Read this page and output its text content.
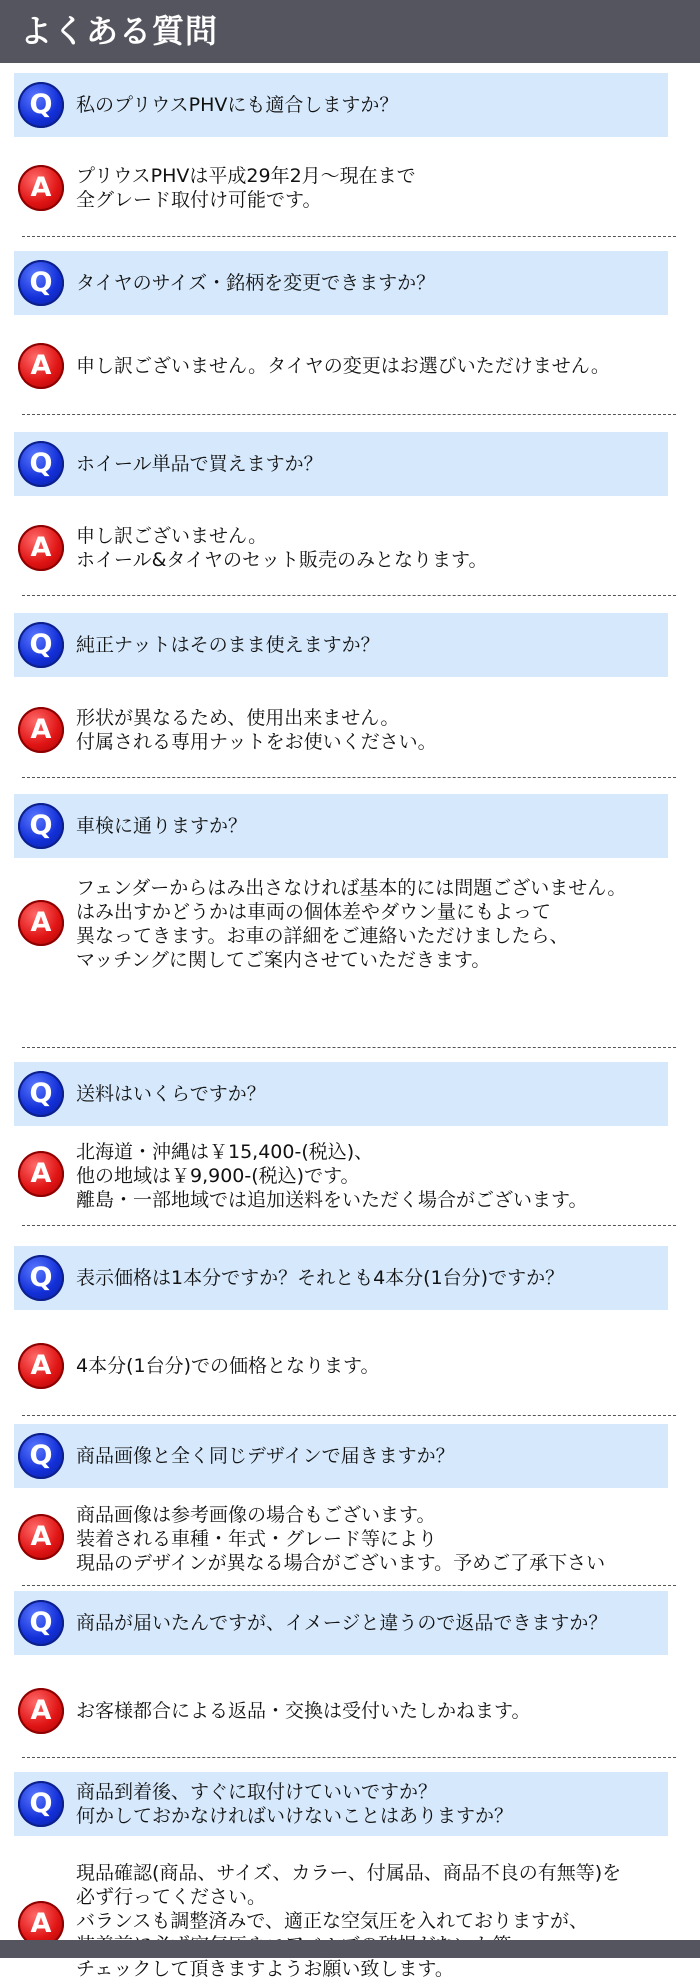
よくある質問
Q	私のプリウスPHVにも適合しますか？
A	プリウスPHVは平成29年2月～現在まで
全グレード取付け可能です。
Q	タイヤのサイズ・銘柄を変更できますか？
A	申し訳ございません。タイヤの変更はお選びいただけません。
Q	ホイール単品で買えますか？
A	申し訳ございません。
ホイール&タイヤのセット販売のみとなります。
Q	純正ナットはそのまま使えますか？
A	形状が異なるため、使用出来ません。
付属される専用ナットをお使いください。
Q	車検に通りますか？
A
フェンダーからはみ出さなければ基本的には問題ございません。
はみ出すかどうかは車両の個体差やダウン量にもよって
異なってきます。お車の詳細をご連絡いただけましたら、
マッチングに関してご案内させていただきます。
Q	送料はいくらですか？
A
北海道・沖縄は￥15,400-(税込)、
他の地域は￥9,900-(税込)です。
離島・一部地域では追加送料をいただく場合がございます。
Q	表示価格は1本分ですか？それとも4本分(1台分)ですか？
A	4本分(1台分)での価格となります。
Q	商品画像と全く同じデザインで届きますか？
A
商品画像は参考画像の場合もございます。
装着される車種・年式・グレード等により
現品のデザインが異なる場合がございます。予めご了承下さい
Q	商品が届いたんですが、イメージと違うので返品できますか？
A	お客様都合による返品・交換は受付いたしかねます。
Q	商品到着後、すぐに取付けていいですか？
何かしておかなければいけないことはありますか？
A
現品確認(商品、サイズ、カラー、付属品、商品不良の有無等)を
必ず行ってください。
バランスも調整済みで、適正な空気圧を入れておりますが、

チェックして頂きますようお願い致します。
